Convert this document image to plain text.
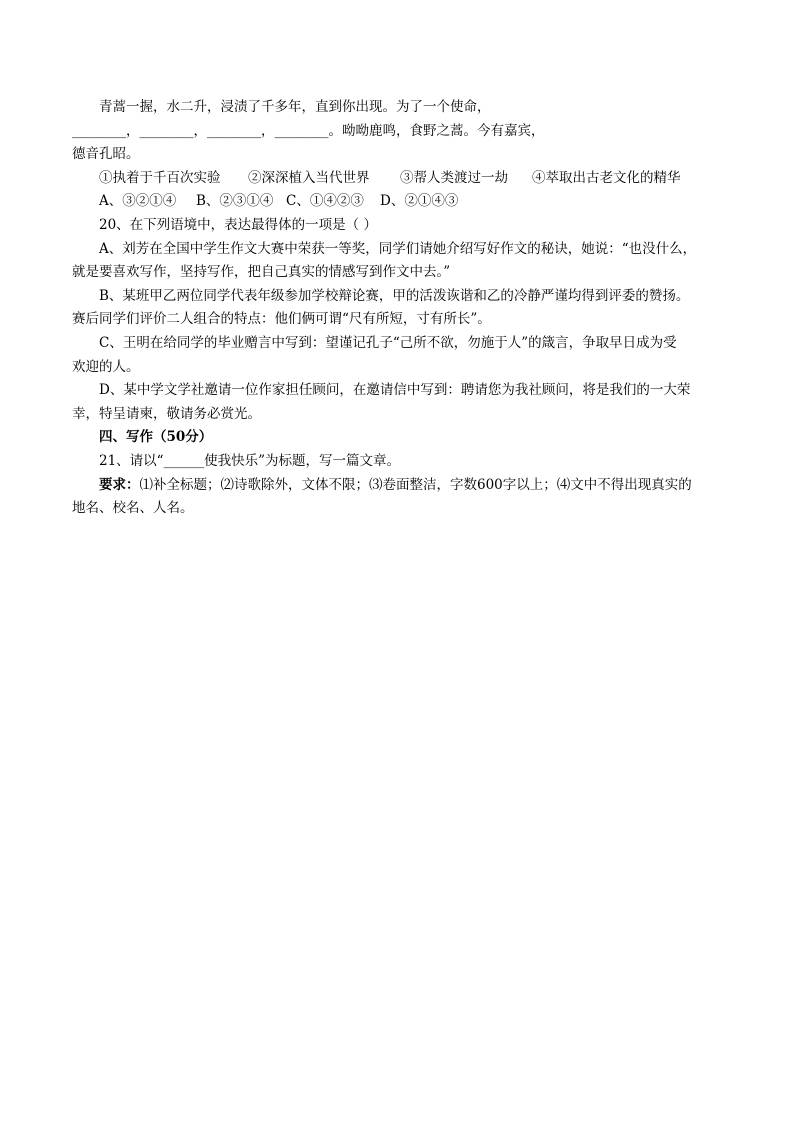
青蒿一握，水二升，浸渍了千多年，直到你出现。为了一个使命，
________，________，________，________。呦呦鹿鸣，食野之蒿。今有嘉宾，
德音孔昭。
①执着于千百次实验 ②深深植入当代世界 ③帮人类渡过一劫 ④萃取出古老文化的精华
A、③②①④ B、②③①④ C、①④②③ D、②①④③
20、在下列语境中，表达最得体的一项是（ ）
A、刘芳在全国中学生作文大赛中荣获一等奖，同学们请她介绍写好作文的秘诀，她说：“也没什么，
就是要喜欢写作，坚持写作，把自己真实的情感写到作文中去。”
B、某班甲乙两位同学代表年级参加学校辩论赛，甲的活泼诙谐和乙的冷静严谨均得到评委的赞扬。
赛后同学们评价二人组合的特点：他们俩可谓“尺有所短，寸有所长”。
C、王明在给同学的毕业赠言中写到：望谨记孔子“己所不欲，勿施于人”的箴言，争取早日成为受
欢迎的人。
D、某中学文学社邀请一位作家担任顾问，在邀请信中写到：聘请您为我社顾问，将是我们的一大荣
幸，特呈请柬，敬请务必赏光。
四、写作（50分）
21、请以“______使我快乐”为标题，写一篇文章。
要求：⑴补全标题；⑵诗歌除外，文体不限；⑶卷面整洁，字数600字以上；⑷文中不得出现真实的
地名、校名、人名。
